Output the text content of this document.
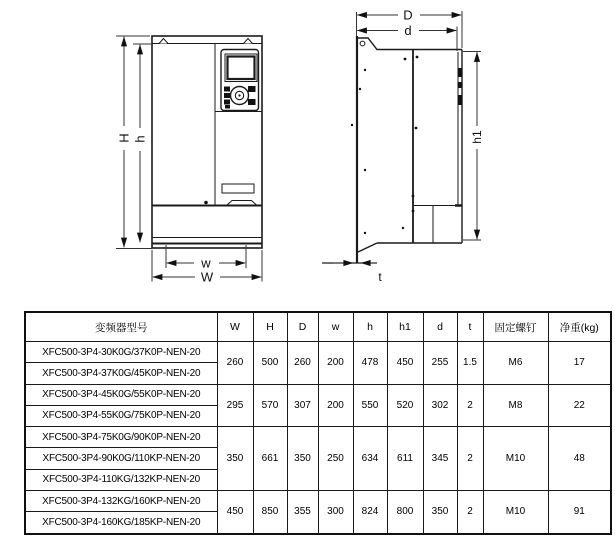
H h
w
W
D
d
h1
t
变频器型号	W	H	D	w	h	h1	d	t	固定螺钉	净重(kg)
XFC500-3P4-30K0G/37K0P-NEN-20	260	500	260	200	478	450	255	1.5	M6	17
XFC500-3P4-37K0G/45K0P-NEN-20										
XFC500-3P4-45K0G/55K0P-NEN-20	295	570	307	200	550	520	302	2	M8	22
XFC500-3P4-55K0G/75K0P-NEN-20										
XFC500-3P4-75K0G/90K0P-NEN-20	350	661	350	250	634	611	345	2	M10	48
XFC500-3P4-90K0G/110KP-NEN-20										
XFC500-3P4-110KG/132KP-NEN-20										
XFC500-3P4-132KG/160KP-NEN-20	450	850	355	300	824	800	350	2	M10	91
XFC500-3P4-160KG/185KP-NEN-20										
